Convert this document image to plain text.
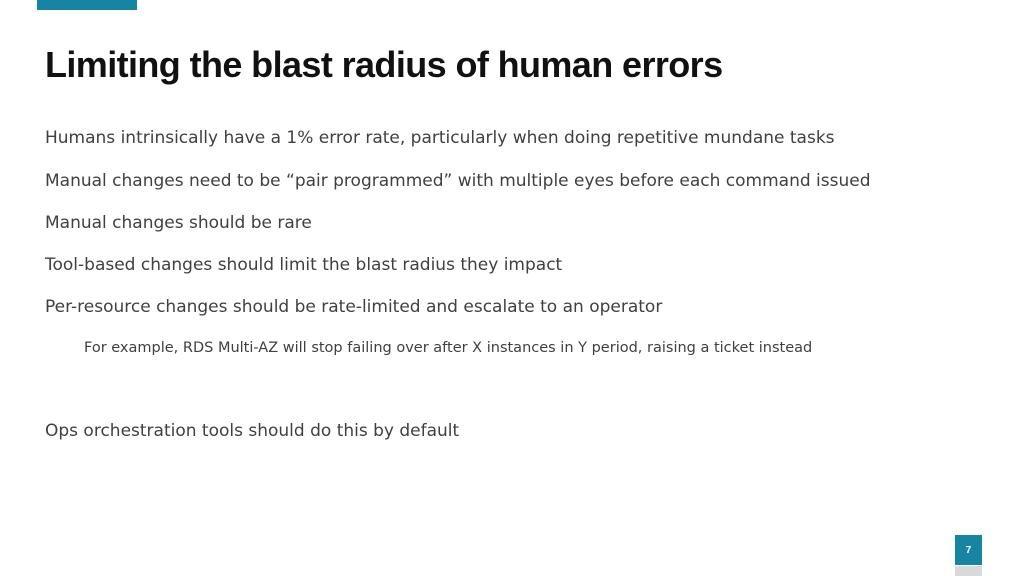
Limiting the blast radius of human errors

Humans intrinsically have a 1% error rate, particularly when doing repetitive mundane tasks

Manual changes need to be “pair programmed” with multiple eyes before each command issued

Manual changes should be rare

Tool-based changes should limit the blast radius they impact

Per-resource changes should be rate-limited and escalate to an operator

For example, RDS Multi-AZ will stop failing over after X instances in Y period, raising a ticket instead

Ops orchestration tools should do this by default

7
